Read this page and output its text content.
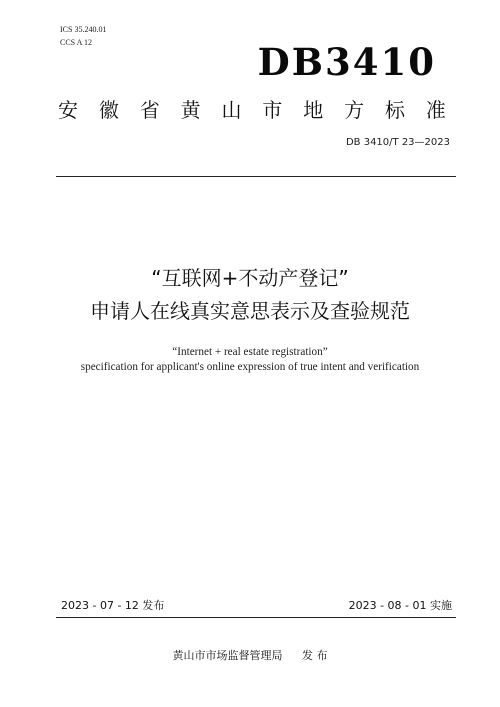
ICS 35.240.01
CCS A 12	DB3410
安 徽 省 黄 山 市 地 方 标 准
DB 3410/T 23—2023
“互联网+不动产登记”
申请人在线真实意思表示及查验规范
“Internet + real estate registration”
specification for applicant's online expression of true intent and verification
2023 - 07 - 12 发布	2023 - 08 - 01 实施
黄山市市场监督管理局 发 布
